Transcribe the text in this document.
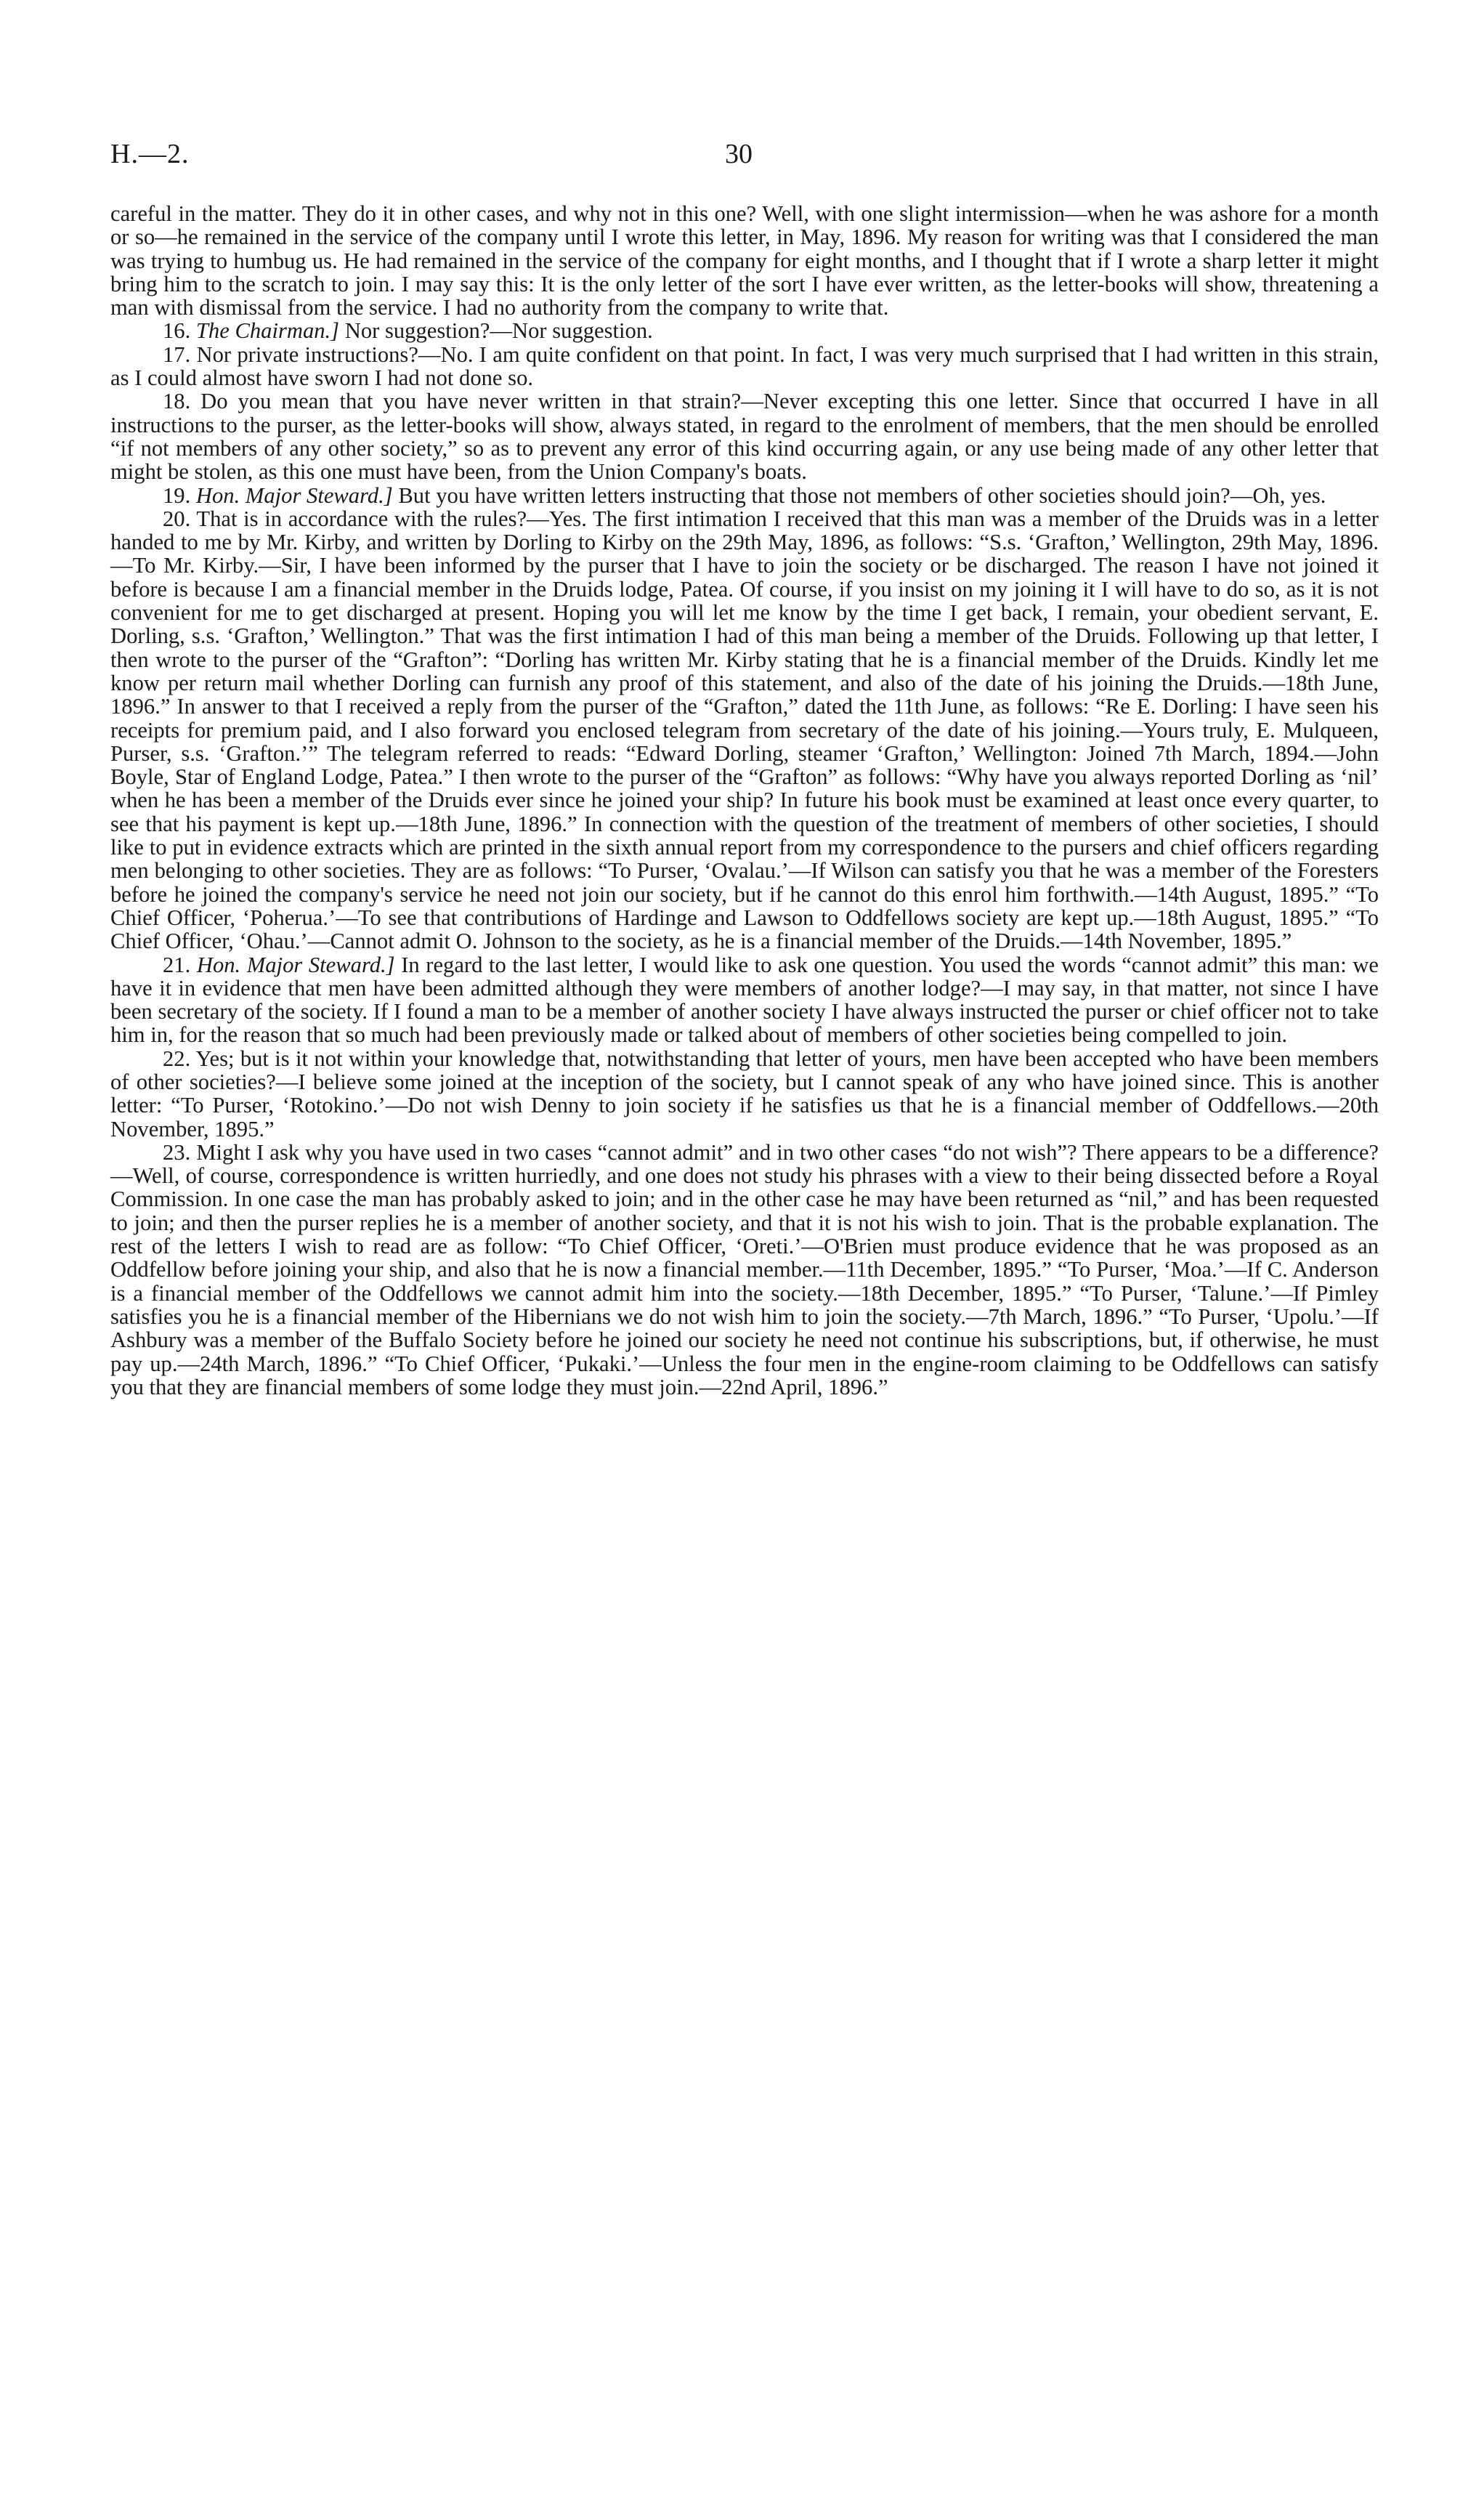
H.—2.	30

careful in the matter. They do it in other cases, and why not in this one? Well, with one slight intermission—when he was ashore for a month or so—he remained in the service of the company until I wrote this letter, in May, 1896. My reason for writing was that I considered the man was trying to humbug us. He had remained in the service of the company for eight months, and I thought that if I wrote a sharp letter it might bring him to the scratch to join. I may say this: It is the only letter of the sort I have ever written, as the letter-books will show, threatening a man with dismissal from the service. I had no authority from the company to write that.

16. The Chairman.] Nor suggestion?—Nor suggestion.

17. Nor private instructions?—No. I am quite confident on that point. In fact, I was very much surprised that I had written in this strain, as I could almost have sworn I had not done so.

18. Do you mean that you have never written in that strain?—Never excepting this one letter. Since that occurred I have in all instructions to the purser, as the letter-books will show, always stated, in regard to the enrolment of members, that the men should be enrolled “if not members of any other society,” so as to prevent any error of this kind occurring again, or any use being made of any other letter that might be stolen, as this one must have been, from the Union Company's boats.

19. Hon. Major Steward.] But you have written letters instructing that those not members of other societies should join?—Oh, yes.

20. That is in accordance with the rules?—Yes. The first intimation I received that this man was a member of the Druids was in a letter handed to me by Mr. Kirby, and written by Dorling to Kirby on the 29th May, 1896, as follows: “S.s. ‘Grafton,’ Wellington, 29th May, 1896.—To Mr. Kirby.—Sir, I have been informed by the purser that I have to join the society or be discharged. The reason I have not joined it before is because I am a financial member in the Druids lodge, Patea. Of course, if you insist on my joining it I will have to do so, as it is not convenient for me to get discharged at present. Hoping you will let me know by the time I get back, I remain, your obedient servant, E. Dorling, s.s. ‘Grafton,’ Wellington.” That was the first intimation I had of this man being a member of the Druids. Following up that letter, I then wrote to the purser of the “Grafton”: “Dorling has written Mr. Kirby stating that he is a financial member of the Druids. Kindly let me know per return mail whether Dorling can furnish any proof of this statement, and also of the date of his joining the Druids.—18th June, 1896.” In answer to that I received a reply from the purser of the “Grafton,” dated the 11th June, as follows: “Re E. Dorling: I have seen his receipts for premium paid, and I also forward you enclosed telegram from secretary of the date of his joining.—Yours truly, E. Mulqueen, Purser, s.s. ‘Grafton.’” The telegram referred to reads: “Edward Dorling, steamer ‘Grafton,’ Wellington: Joined 7th March, 1894.—John Boyle, Star of England Lodge, Patea.” I then wrote to the purser of the “Grafton” as follows: “Why have you always reported Dorling as ‘nil’ when he has been a member of the Druids ever since he joined your ship? In future his book must be examined at least once every quarter, to see that his payment is kept up.—18th June, 1896.” In connection with the question of the treatment of members of other societies, I should like to put in evidence extracts which are printed in the sixth annual report from my correspondence to the pursers and chief officers regarding men belonging to other societies. They are as follows: “To Purser, ‘Ovalau.’—If Wilson can satisfy you that he was a member of the Foresters before he joined the company's service he need not join our society, but if he cannot do this enrol him forthwith.—14th August, 1895.” “To Chief Officer, ‘Poherua.’—To see that contributions of Hardinge and Lawson to Oddfellows society are kept up.—18th August, 1895.” “To Chief Officer, ‘Ohau.’—Cannot admit O. Johnson to the society, as he is a financial member of the Druids.—14th November, 1895.”

21. Hon. Major Steward.] In regard to the last letter, I would like to ask one question. You used the words “cannot admit” this man: we have it in evidence that men have been admitted although they were members of another lodge?—I may say, in that matter, not since I have been secretary of the society. If I found a man to be a member of another society I have always instructed the purser or chief officer not to take him in, for the reason that so much had been previously made or talked about of members of other societies being compelled to join.

22. Yes; but is it not within your knowledge that, notwithstanding that letter of yours, men have been accepted who have been members of other societies?—I believe some joined at the inception of the society, but I cannot speak of any who have joined since. This is another letter: “To Purser, ‘Rotokino.’—Do not wish Denny to join society if he satisfies us that he is a financial member of Oddfellows.—20th November, 1895.”

23. Might I ask why you have used in two cases “cannot admit” and in two other cases “do not wish”? There appears to be a difference?—Well, of course, correspondence is written hurriedly, and one does not study his phrases with a view to their being dissected before a Royal Commission. In one case the man has probably asked to join; and in the other case he may have been returned as “nil,” and has been requested to join; and then the purser replies he is a member of another society, and that it is not his wish to join. That is the probable explanation. The rest of the letters I wish to read are as follow: “To Chief Officer, ‘Oreti.’—O'Brien must produce evidence that he was proposed as an Oddfellow before joining your ship, and also that he is now a financial member.—11th December, 1895.” “To Purser, ‘Moa.’—If C. Anderson is a financial member of the Oddfellows we cannot admit him into the society.—18th December, 1895.” “To Purser, ‘Talune.’—If Pimley satisfies you he is a financial member of the Hibernians we do not wish him to join the society.—7th March, 1896.” “To Purser, ‘Upolu.’—If Ashbury was a member of the Buffalo Society before he joined our society he need not continue his subscriptions, but, if otherwise, he must pay up.—24th March, 1896.” “To Chief Officer, ‘Pukaki.’—Unless the four men in the engine-room claiming to be Oddfellows can satisfy you that they are financial members of some lodge they must join.—22nd April, 1896.”
